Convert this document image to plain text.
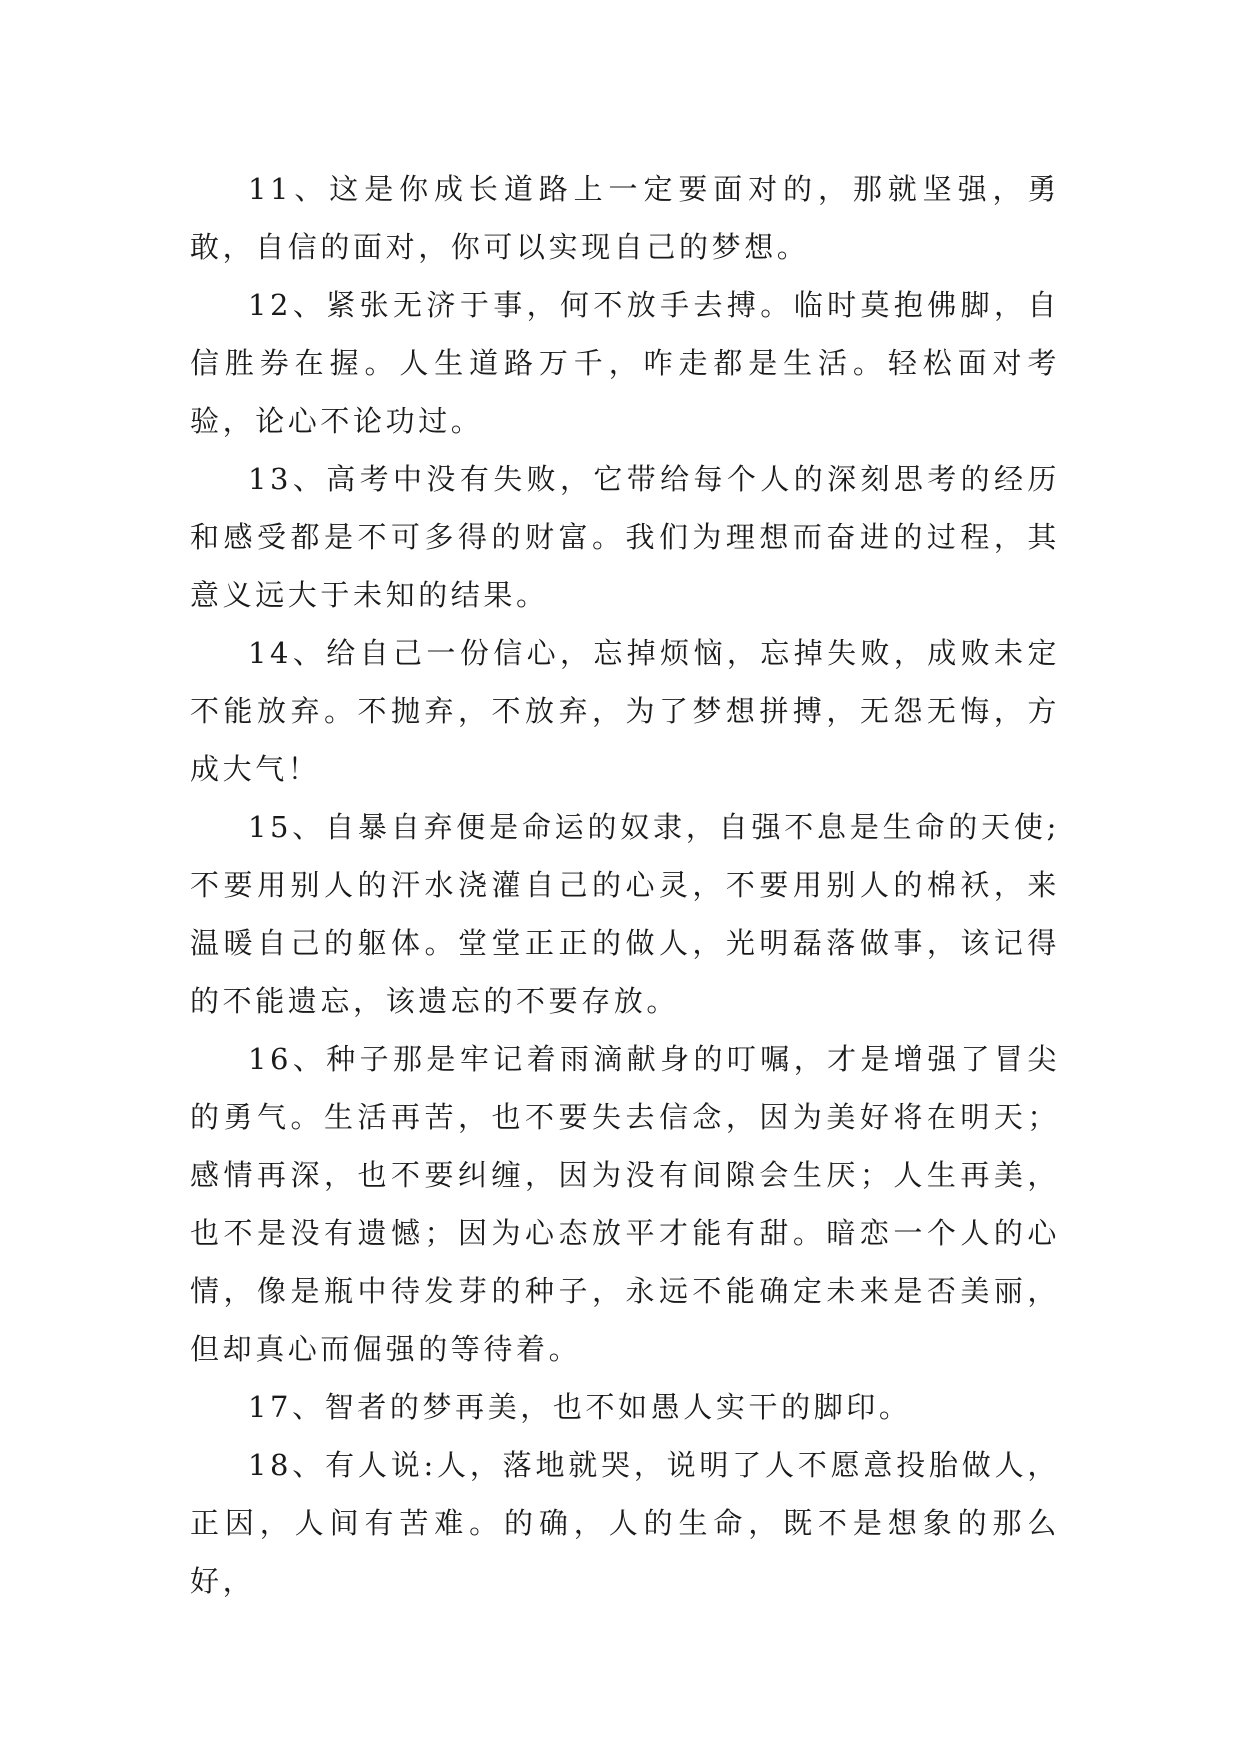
11、这是你成长道路上一定要面对的，那就坚强，勇敢，自信的面对，你可以实现自己的梦想。

12、紧张无济于事，何不放手去搏。临时莫抱佛脚，自信胜券在握。人生道路万千，咋走都是生活。轻松面对考验，论心不论功过。

13、高考中没有失败，它带给每个人的深刻思考的经历和感受都是不可多得的财富。我们为理想而奋进的过程，其意义远大于未知的结果。

14、给自己一份信心，忘掉烦恼，忘掉失败，成败未定不能放弃。不抛弃，不放弃，为了梦想拼搏，无怨无悔，方成大气！

15、自暴自弃便是命运的奴隶，自强不息是生命的天使;不要用别人的汗水浇灌自己的心灵，不要用别人的棉袄，来温暖自己的躯体。堂堂正正的做人，光明磊落做事，该记得的不能遗忘，该遗忘的不要存放。

16、种子那是牢记着雨滴献身的叮嘱，才是增强了冒尖的勇气。生活再苦，也不要失去信念，因为美好将在明天；感情再深，也不要纠缠，因为没有间隙会生厌；人生再美，也不是没有遗憾；因为心态放平才能有甜。暗恋一个人的心情，像是瓶中待发芽的种子，永远不能确定未来是否美丽，但却真心而倔强的等待着。

17、智者的梦再美，也不如愚人实干的脚印。

18、有人说:人，落地就哭，说明了人不愿意投胎做人，正因，人间有苦难。的确，人的生命，既不是想象的那么好，
